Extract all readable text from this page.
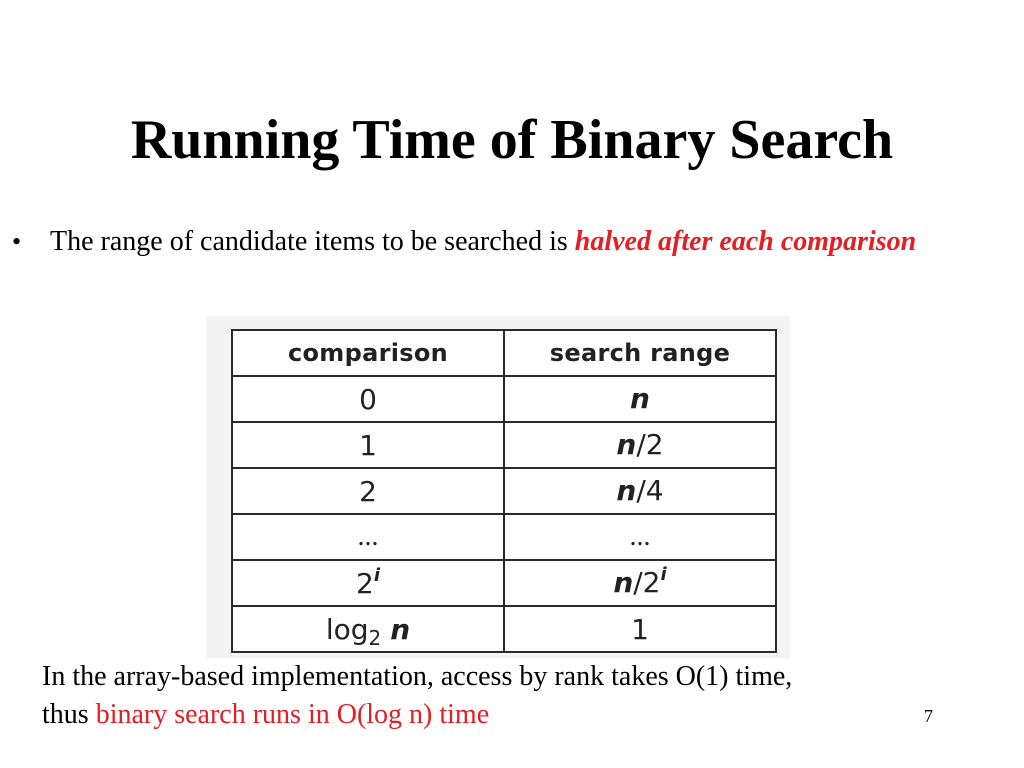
Running Time of Binary Search
•	The range of candidate items to be searched is halved after each comparison
comparison	search range
0	n
1	n/2
2	n/4
...	...
2$^i$	n/2$^i$
$\log_2 n$	1
In the array-based implementation, access by rank takes O(1) time,
thus binary search runs in O(log n) time	7
